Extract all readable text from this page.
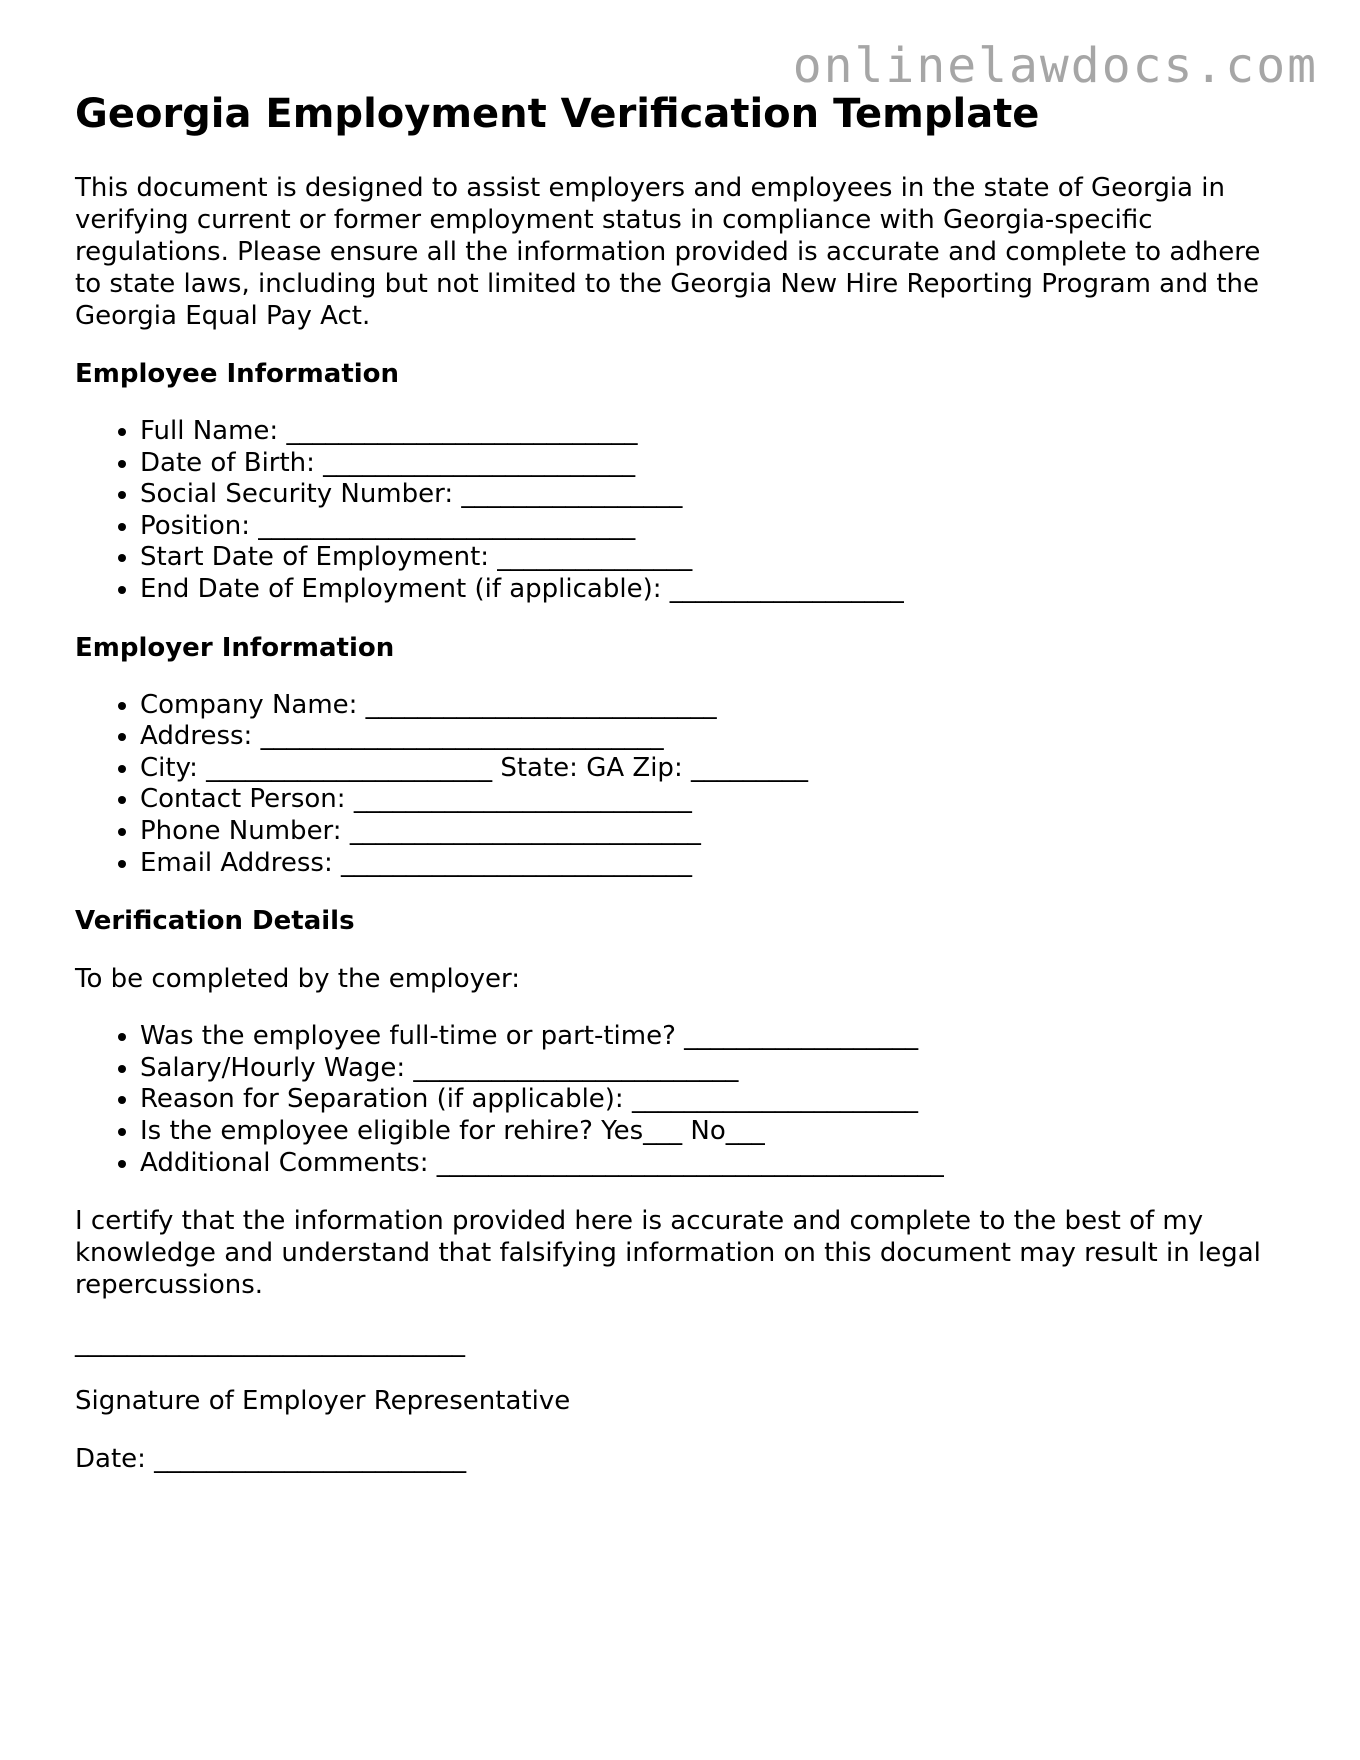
onlinelawdocs.com
Georgia Employment Verification Template

This document is designed to assist employers and employees in the state of Georgia in verifying current or former employment status in compliance with Georgia-specific regulations. Please ensure all the information provided is accurate and complete to adhere to state laws, including but not limited to the Georgia New Hire Reporting Program and the Georgia Equal Pay Act.

Employee Information
• Full Name: ___________________________
• Date of Birth: ________________________
• Social Security Number: _________________
• Position: _____________________________
• Start Date of Employment: _______________
• End Date of Employment (if applicable): __________________
Employer Information
• Company Name: ___________________________
• Address: _______________________________
• City: ______________________ State: GA Zip: _________
• Contact Person: __________________________
• Phone Number: ___________________________
• Email Address: ___________________________
Verification Details

To be completed by the employer:

• Was the employee full-time or part-time? __________________
• Salary/Hourly Wage: _________________________
• Reason for Separation (if applicable): ______________________
• Is the employee eligible for rehire? Yes___ No___
• Additional Comments: _______________________________________

I certify that the information provided here is accurate and complete to the best of my knowledge and understand that falsifying information on this document may result in legal repercussions.

______________________________

Signature of Employer Representative

Date: ________________________
